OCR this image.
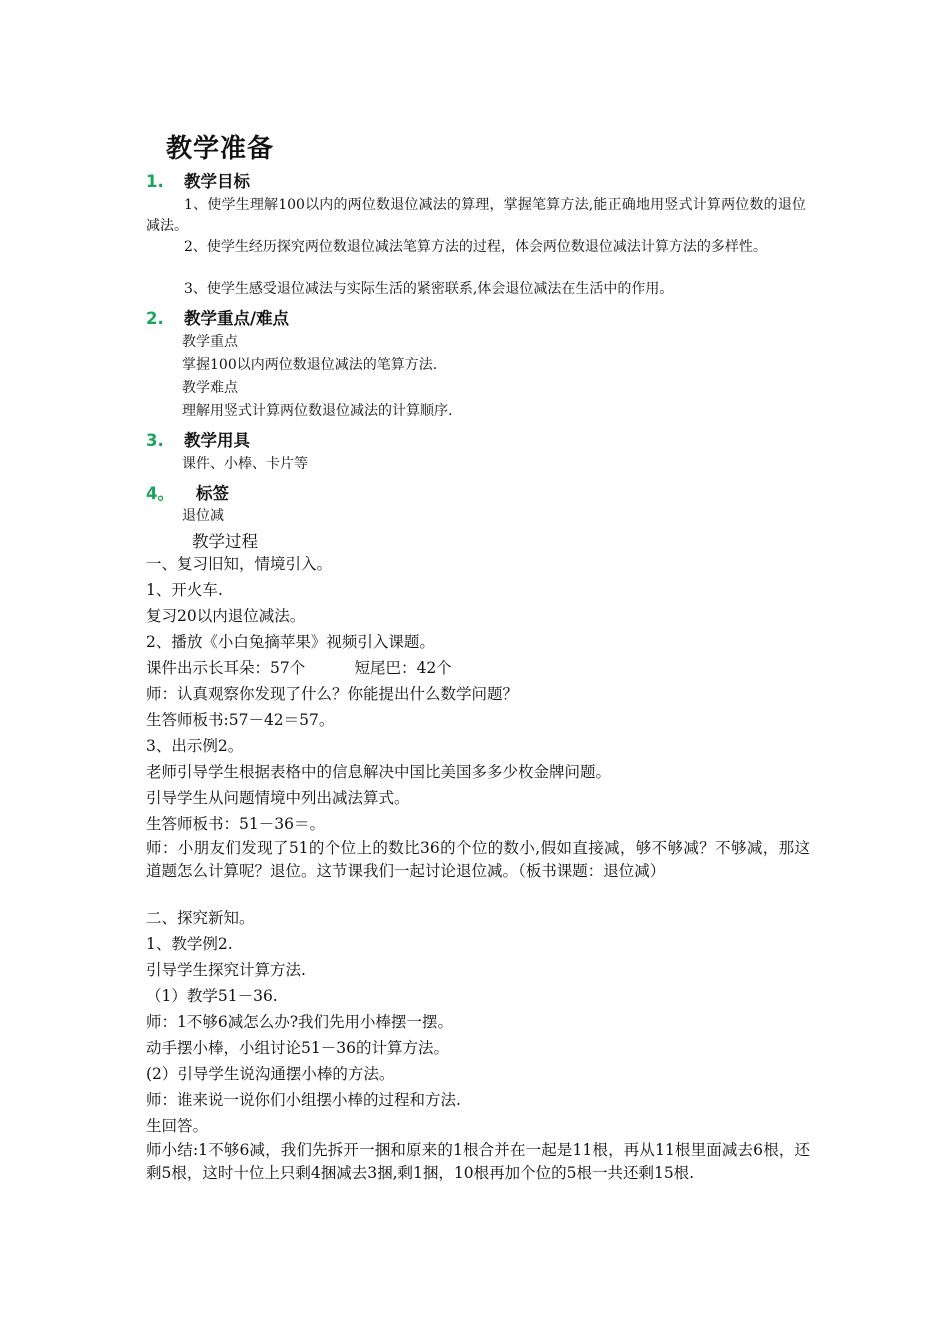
教学准备
1.	教学目标
1、使学生理解100以内的两位数退位减法的算理，掌握笔算方法,能正确地用竖式计算两位数的退位减法。
2、使学生经历探究两位数退位减法笔算方法的过程，体会两位数退位减法计算方法的多样性。
3、使学生感受退位减法与实际生活的紧密联系,体会退位减法在生活中的作用。
2.	教学重点/难点
教学重点
掌握100以内两位数退位减法的笔算方法.
教学难点
理解用竖式计算两位数退位减法的计算顺序.
3.	教学用具
课件、小棒、卡片等
4。	标签
退位减
教学过程
一、复习旧知，情境引入。
1、开火车.
复习20以内退位减法。
2、播放《小白兔摘苹果》视频引入课题。
课件出示长耳朵：57个          短尾巴：42个
师：认真观察你发现了什么？你能提出什么数学问题？
生答师板书:57－42＝57。
3、出示例2。
老师引导学生根据表格中的信息解决中国比美国多多少枚金牌问题。
引导学生从问题情境中列出减法算式。
生答师板书：51－36＝。
师：小朋友们发现了51的个位上的数比36的个位的数小,假如直接减，够不够减？不够减，那这道题怎么计算呢？退位。这节课我们一起讨论退位减。（板书课题：退位减）
二、探究新知。
1、教学例2.
引导学生探究计算方法.
（1）教学51－36.
师：1不够6减怎么办?我们先用小棒摆一摆。
动手摆小棒，小组讨论51－36的计算方法。
(2）引导学生说沟通摆小棒的方法。
师：谁来说一说你们小组摆小棒的过程和方法.
生回答。
师小结:1不够6减，我们先拆开一捆和原来的1根合并在一起是11根，再从11根里面减去6根，还剩5根，这时十位上只剩4捆减去3捆,剩1捆，10根再加个位的5根一共还剩15根.
